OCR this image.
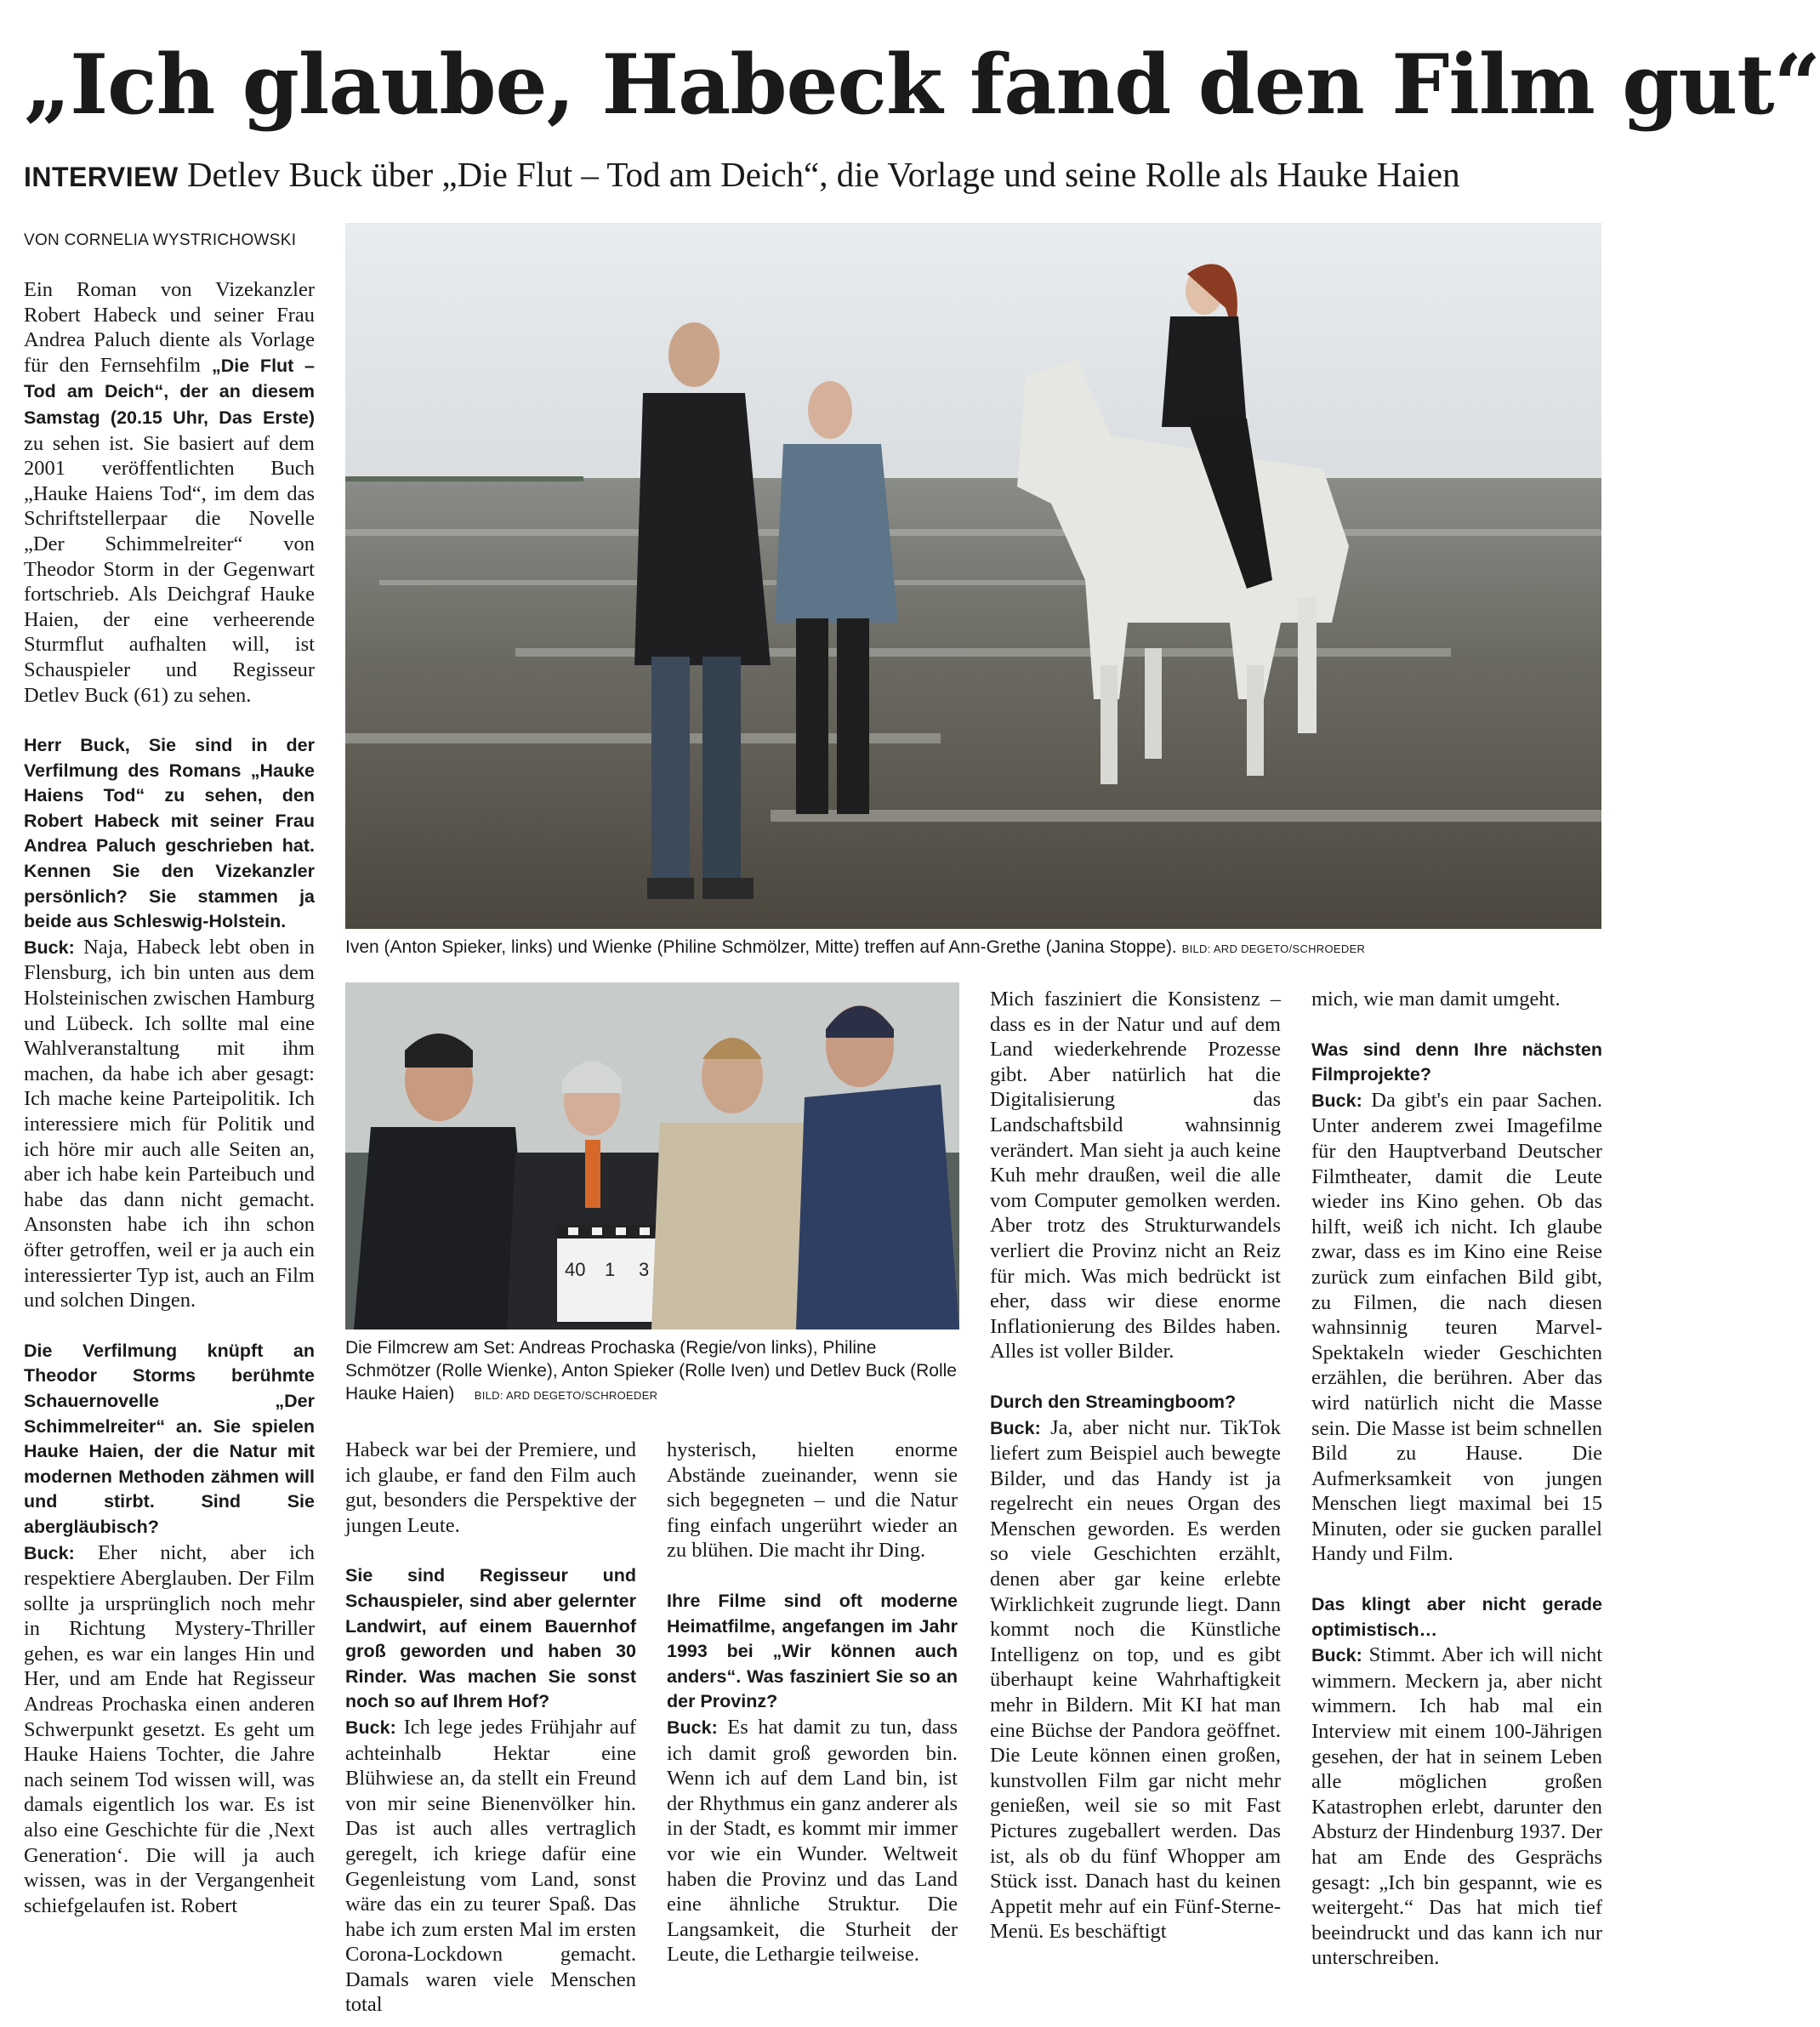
„Ich glaube, Habeck fand den Film gut“
INTERVIEW Detlev Buck über „Die Flut – Tod am Deich“, die Vorlage und seine Rolle als Hauke Haien
VON CORNELIA WYSTRICHOWSKI
Iven (Anton Spieker, links) und Wienke (Philine Schmölzer, Mitte) treffen auf Ann-Grethe (Janina Stoppe). BILD: ARD DEGETO/SCHROEDER
40 1 3
Die Filmcrew am Set: Andreas Prochaska (Regie/von links), Philine Schmötzer (Rolle Wienke), Anton Spieker (Rolle Iven) und Detlev Buck (Rolle Hauke Haien) BILD: ARD DEGETO/SCHROEDER

Ein Roman von Vizekanzler Robert Habeck und seiner Frau Andrea Paluch diente als Vorlage für den Fernsehfilm „Die Flut – Tod am Deich“, der an diesem Samstag (20.15 Uhr, Das Erste) zu sehen ist. Sie basiert auf dem 2001 veröffentlichten Buch „Hauke Haiens Tod“, im dem das Schriftstellerpaar die Novelle „Der Schimmelreiter“ von Theodor Storm in der Gegenwart fortschrieb. Als Deichgraf Hauke Haien, der eine verheerende Sturmflut aufhalten will, ist Schauspieler und Regisseur Detlev Buck (61) zu sehen.

Herr Buck, Sie sind in der Verfilmung des Romans „Hauke Haiens Tod“ zu sehen, den Robert Habeck mit seiner Frau Andrea Paluch geschrieben hat. Kennen Sie den Vizekanzler persönlich? Sie stammen ja beide aus Schleswig-Holstein.

Buck: Naja, Habeck lebt oben in Flensburg, ich bin unten aus dem Holsteinischen zwischen Hamburg und Lübeck. Ich sollte mal eine Wahlveranstaltung mit ihm machen, da habe ich aber gesagt: Ich mache keine Parteipolitik. Ich interessiere mich für Politik und ich höre mir auch alle Seiten an, aber ich habe kein Parteibuch und habe das dann nicht gemacht. Ansonsten habe ich ihn schon öfter getroffen, weil er ja auch ein interessierter Typ ist, auch an Film und solchen Dingen.

Die Verfilmung knüpft an Theodor Storms berühmte Schauernovelle „Der Schimmelreiter“ an. Sie spielen Hauke Haien, der die Natur mit modernen Methoden zähmen will und stirbt. Sind Sie abergläubisch?

Buck: Eher nicht, aber ich respektiere Aberglauben. Der Film sollte ja ursprünglich noch mehr in Richtung Mystery-Thriller gehen, es war ein langes Hin und Her, und am Ende hat Regisseur Andreas Prochaska einen anderen Schwerpunkt gesetzt. Es geht um Hauke Haiens Tochter, die Jahre nach seinem Tod wissen will, was damals eigentlich los war. Es ist also eine Geschichte für die ‚Next Generation‘. Die will ja auch wissen, was in der Vergangenheit schiefgelaufen ist. Robert

Habeck war bei der Premiere, und ich glaube, er fand den Film auch gut, besonders die Perspektive der jungen Leute.

Sie sind Regisseur und Schauspieler, sind aber gelernter Landwirt, auf einem Bauernhof groß geworden und haben 30 Rinder. Was machen Sie sonst noch so auf Ihrem Hof?

Buck: Ich lege jedes Frühjahr auf achteinhalb Hektar eine Blühwiese an, da stellt ein Freund von mir seine Bienenvölker hin. Das ist auch alles vertraglich geregelt, ich kriege dafür eine Gegenleistung vom Land, sonst wäre das ein zu teurer Spaß. Das habe ich zum ersten Mal im ersten Corona-Lockdown gemacht. Damals waren viele Menschen total

hysterisch, hielten enorme Abstände zueinander, wenn sie sich begegneten – und die Natur fing einfach ungerührt wieder an zu blühen. Die macht ihr Ding.

Ihre Filme sind oft moderne Heimatfilme, angefangen im Jahr 1993 bei „Wir können auch anders“. Was fasziniert Sie so an der Provinz?

Buck: Es hat damit zu tun, dass ich damit groß geworden bin. Wenn ich auf dem Land bin, ist der Rhythmus ein ganz anderer als in der Stadt, es kommt mir immer vor wie ein Wunder. Weltweit haben die Provinz und das Land eine ähnliche Struktur. Die Langsamkeit, die Sturheit der Leute, die Lethargie teilweise.

Mich fasziniert die Konsistenz – dass es in der Natur und auf dem Land wiederkehrende Prozesse gibt. Aber natürlich hat die Digitalisierung das Landschaftsbild wahnsinnig verändert. Man sieht ja auch keine Kuh mehr draußen, weil die alle vom Computer gemolken werden. Aber trotz des Strukturwandels verliert die Provinz nicht an Reiz für mich. Was mich bedrückt ist eher, dass wir diese enorme Inflationierung des Bildes haben. Alles ist voller Bilder.

Durch den Streamingboom?

Buck: Ja, aber nicht nur. TikTok liefert zum Beispiel auch bewegte Bilder, und das Handy ist ja regelrecht ein neues Organ des Menschen geworden. Es werden so viele Geschichten erzählt, denen aber gar keine erlebte Wirklichkeit zugrunde liegt. Dann kommt noch die Künstliche Intelligenz on top, und es gibt überhaupt keine Wahrhaftigkeit mehr in Bildern. Mit KI hat man eine Büchse der Pandora geöffnet. Die Leute können einen großen, kunstvollen Film gar nicht mehr genießen, weil sie so mit Fast Pictures zugeballert werden. Das ist, als ob du fünf Whopper am Stück isst. Danach hast du keinen Appetit mehr auf ein Fünf-Sterne-Menü. Es beschäftigt

mich, wie man damit umgeht.

Was sind denn Ihre nächsten Filmprojekte?

Buck: Da gibt's ein paar Sachen. Unter anderem zwei Imagefilme für den Hauptverband Deutscher Filmtheater, damit die Leute wieder ins Kino gehen. Ob das hilft, weiß ich nicht. Ich glaube zwar, dass es im Kino eine Reise zurück zum einfachen Bild gibt, zu Filmen, die nach diesen wahnsinnig teuren Marvel-Spektakeln wieder Geschichten erzählen, die berühren. Aber das wird natürlich nicht die Masse sein. Die Masse ist beim schnellen Bild zu Hause. Die Aufmerksamkeit von jungen Menschen liegt maximal bei 15 Minuten, oder sie gucken parallel Handy und Film.

Das klingt aber nicht gerade optimistisch…

Buck: Stimmt. Aber ich will nicht wimmern. Meckern ja, aber nicht wimmern. Ich hab mal ein Interview mit einem 100-Jährigen gesehen, der hat in seinem Leben alle möglichen großen Katastrophen erlebt, darunter den Absturz der Hindenburg 1937. Der hat am Ende des Gesprächs gesagt: „Ich bin gespannt, wie es weitergeht.“ Das hat mich tief beeindruckt und das kann ich nur unterschreiben.
